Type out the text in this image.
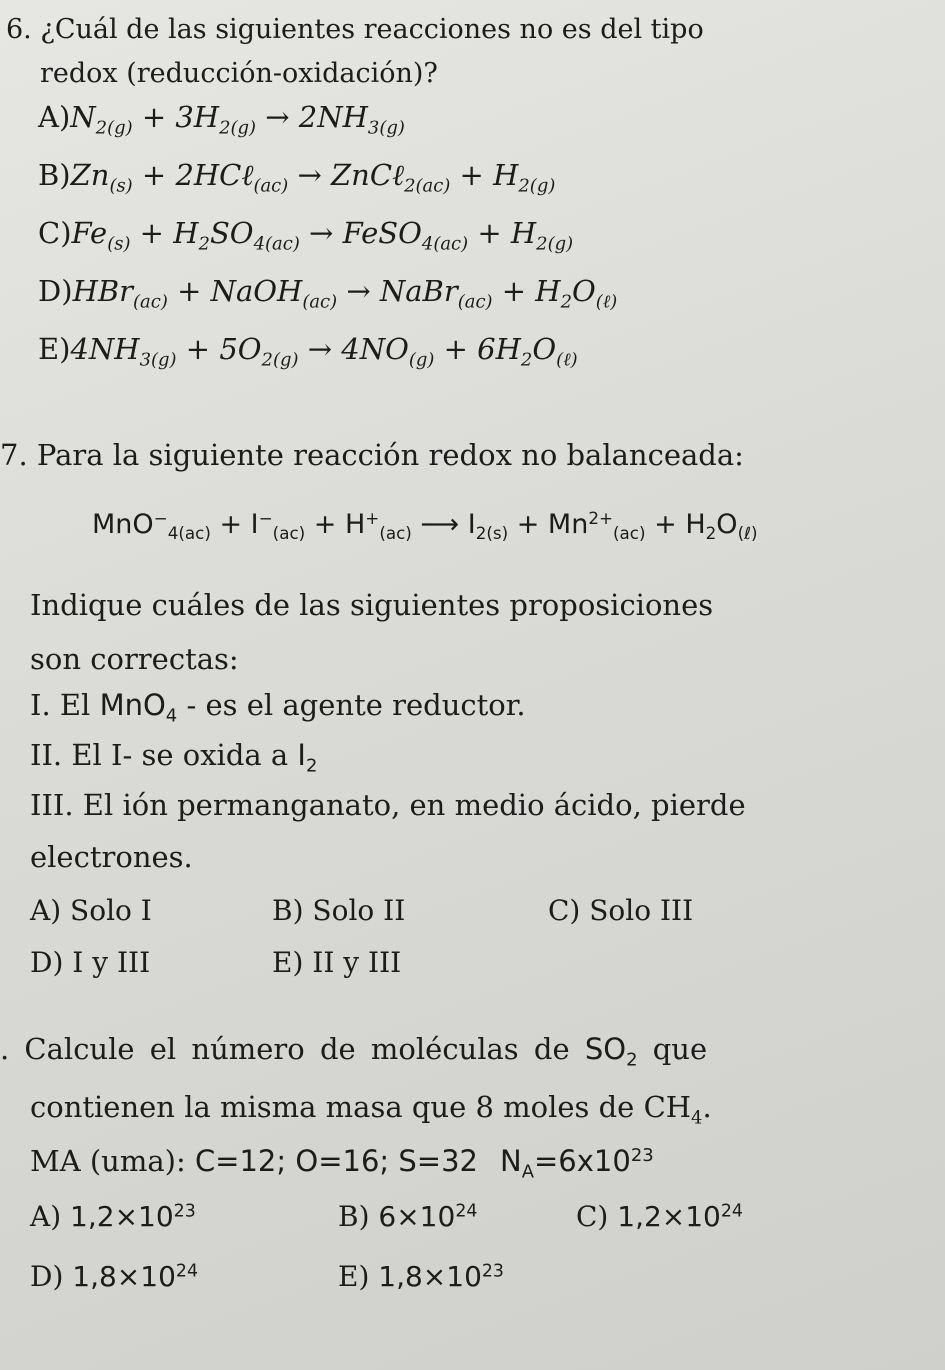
6. ¿Cuál de las siguientes reacciones no es del tipo
redox (reducción-oxidación)?
$A)N_{2(g)} + 3H_{2(g)} \to 2NH_{3(g)}$
$B)Zn_{(s)}$ + 2HCℓ$_{(ac)}$ → ZnCℓ$_{2(ac)}$ + $H_{2(g)}$
$C)Fe_{(s)} + H_2SO_{4(ac)}$ → FeSO$_{4(ac)}$ + $H_{2(g)}$
D)HBr$_{(ac)}$ + NaOH$_{(ac)}$ → NaBr$_{(ac)}$ + $H_2O_{(\ell)}$
$E)4NH_{3(g)} + 5O_{2(g)} \to 4NO_{(g)} + 6H_2O_{(\ell)}$
7. Para la siguiente reacción redox no balanceada:
$MnO^-_{4(ac)} + I^-_{(ac)} + H^+_{(ac)}$ ⟶ $I_{2(s)} + Mn^{2+}_{(ac)} + H_2O_{(\ell)}$
Indique cuáles de las siguientes proposiciones
son correctas:
I. El MnO$_4$ - es el agente reductor.
II. El I- se oxida a $I_2$
III. El ión permanganato, en medio ácido, pierde
electrones.
A) Solo I	B) Solo II	C) Solo III
D) I y III	E) II y III
. Calcule el número de moléculas de $SO_2$ que
contienen la misma masa que 8 moles de $CH_4$.
MA (uma): C=12; O=16; S=32 $N_A=6x10^{23}$
A) $1,2\times 10^{23}$	B) $6\times 10^{24}$	C) $1,2\times 10^{24}$
D) $1,8\times 10^{24}$	E) $1,8\times 10^{23}$
